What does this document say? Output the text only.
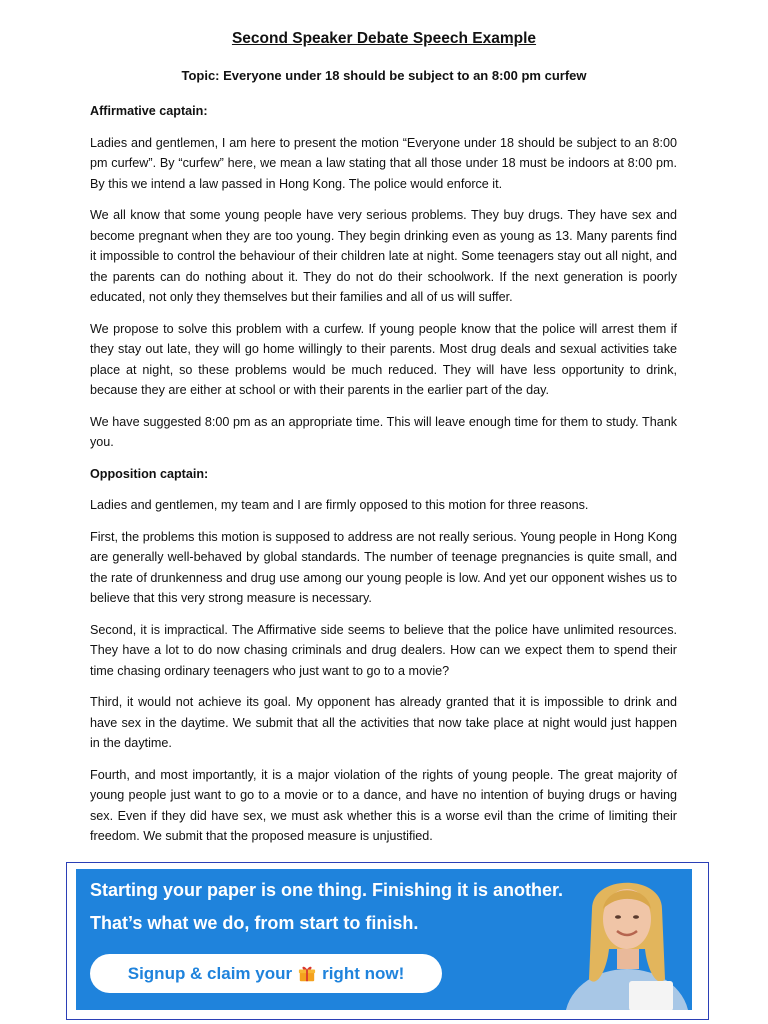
Second Speaker Debate Speech Example
Topic: Everyone under 18 should be subject to an 8:00 pm curfew

Affirmative captain:

Ladies and gentlemen, I am here to present the motion “Everyone under 18 should be subject to an 8:00 pm curfew”. By “curfew” here, we mean a law stating that all those under 18 must be indoors at 8:00 pm. By this we intend a law passed in Hong Kong. The police would enforce it.

We all know that some young people have very serious problems. They buy drugs. They have sex and become pregnant when they are too young. They begin drinking even as young as 13. Many parents find it impossible to control the behaviour of their children late at night. Some teenagers stay out all night, and the parents can do nothing about it. They do not do their schoolwork. If the next generation is poorly educated, not only they themselves but their families and all of us will suffer.

We propose to solve this problem with a curfew. If young people know that the police will arrest them if they stay out late, they will go home willingly to their parents. Most drug deals and sexual activities take place at night, so these problems would be much reduced. They will have less opportunity to drink, because they are either at school or with their parents in the earlier part of the day.

We have suggested 8:00 pm as an appropriate time. This will leave enough time for them to study. Thank you.

Opposition captain:

Ladies and gentlemen, my team and I are firmly opposed to this motion for three reasons.

First, the problems this motion is supposed to address are not really serious. Young people in Hong Kong are generally well-behaved by global standards. The number of teenage pregnancies is quite small, and the rate of drunkenness and drug use among our young people is low. And yet our opponent wishes us to believe that this very strong measure is necessary.

Second, it is impractical. The Affirmative side seems to believe that the police have unlimited resources. They have a lot to do now chasing criminals and drug dealers. How can we expect them to spend their time chasing ordinary teenagers who just want to go to a movie?

Third, it would not achieve its goal. My opponent has already granted that it is impossible to drink and have sex in the daytime. We submit that all the activities that now take place at night would just happen in the daytime.

Fourth, and most importantly, it is a major violation of the rights of young people. The great majority of young people just want to go to a movie or to a dance, and have no intention of buying drugs or having sex. Even if they did have sex, we must ask whether this is a worse evil than the crime of limiting their freedom. We submit that the proposed measure is unjustified.

Starting your paper is one thing. Finishing it is another.
That’s what we do, from start to finish.
Signup & claim your right now!
